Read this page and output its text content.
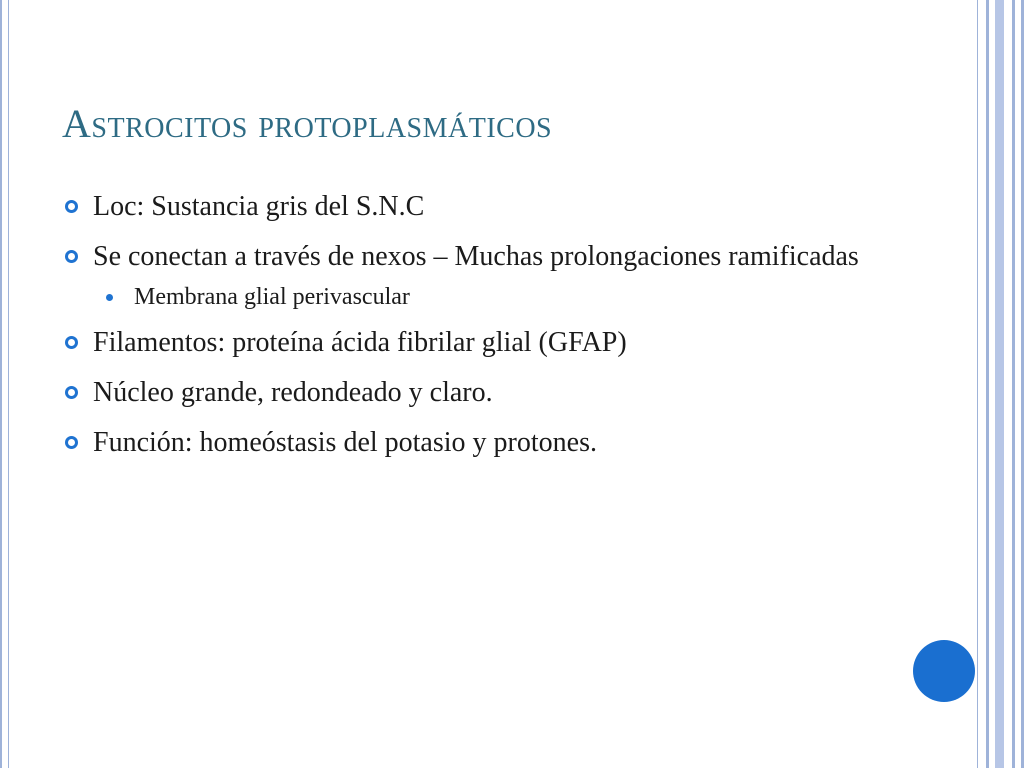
Astrocitos protoplasmáticos
Loc: Sustancia gris del S.N.C
Se conectan a través de nexos – Muchas prolongaciones ramificadas
Membrana glial perivascular
Filamentos: proteína ácida fibrilar glial (GFAP)
Núcleo grande, redondeado y claro.
Función: homeóstasis del potasio y protones.
